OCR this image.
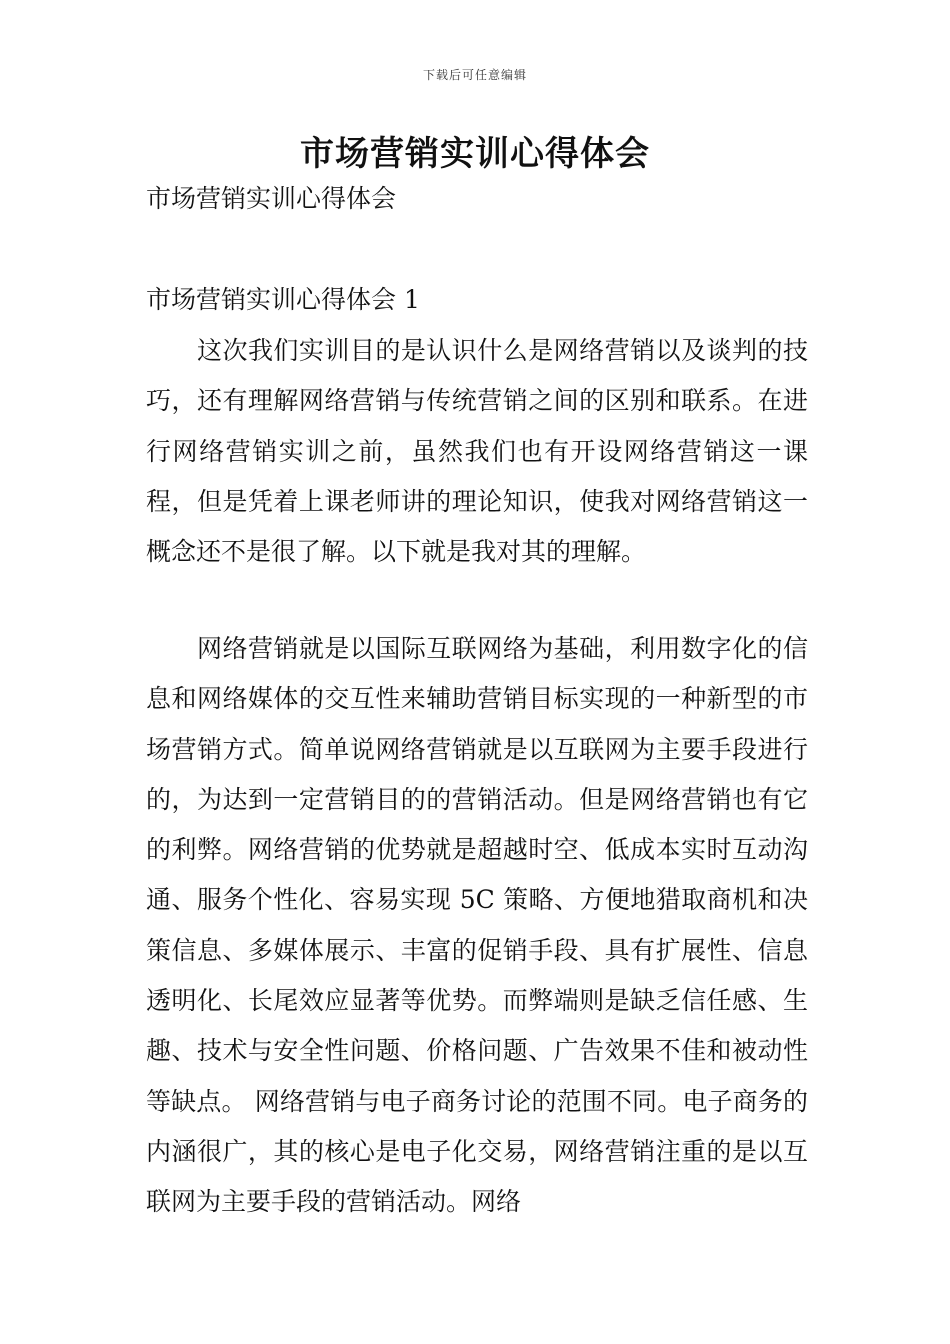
下载后可任意编辑
市场营销实训心得体会

市场营销实训心得体会

市场营销实训心得体会 1

这次我们实训目的是认识什么是网络营销以及谈判的技巧，还有理解网络营销与传统营销之间的区别和联系。在进行网络营销实训之前，虽然我们也有开设网络营销这一课程，但是凭着上课老师讲的理论知识，使我对网络营销这一概念还不是很了解。以下就是我对其的理解。

网络营销就是以国际互联网络为基础，利用数字化的信息和网络媒体的交互性来辅助营销目标实现的一种新型的市场营销方式。简单说网络营销就是以互联网为主要手段进行的，为达到一定营销目的的营销活动。但是网络营销也有它的利弊。网络营销的优势就是超越时空、低成本实时互动沟通、服务个性化、容易实现 5C 策略、方便地猎取商机和决策信息、多媒体展示、丰富的促销手段、具有扩展性、信息透明化、长尾效应显著等优势。而弊端则是缺乏信任感、生趣、技术与安全性问题、价格问题、广告效果不佳和被动性等缺点。 网络营销与电子商务讨论的范围不同。电子商务的内涵很广，其的核心是电子化交易，网络营销注重的是以互联网为主要手段的营销活动。网络
